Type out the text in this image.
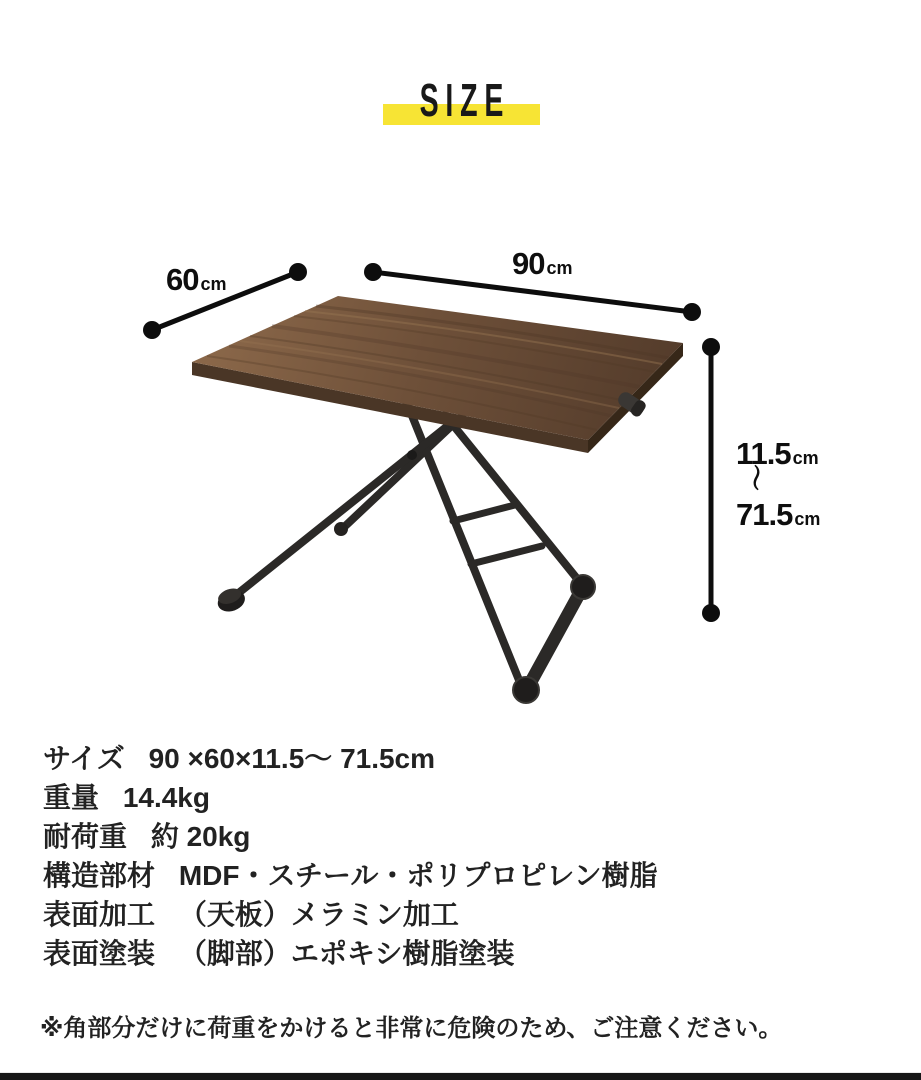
SIZE
60 cm
90 cm
11.5 cm
～
71.5 cm
サイズ 90 ×60×11.5～ 71.5cm
重量 14.4kg
耐荷重 約 20kg
構造部材 MDF・スチール・ポリプロピレン樹脂
表面加工 （天板）メラミン加工
表面塗装 （脚部）エポキシ樹脂塗装
※角部分だけに荷重をかけると非常に危険のため、ご注意ください。
